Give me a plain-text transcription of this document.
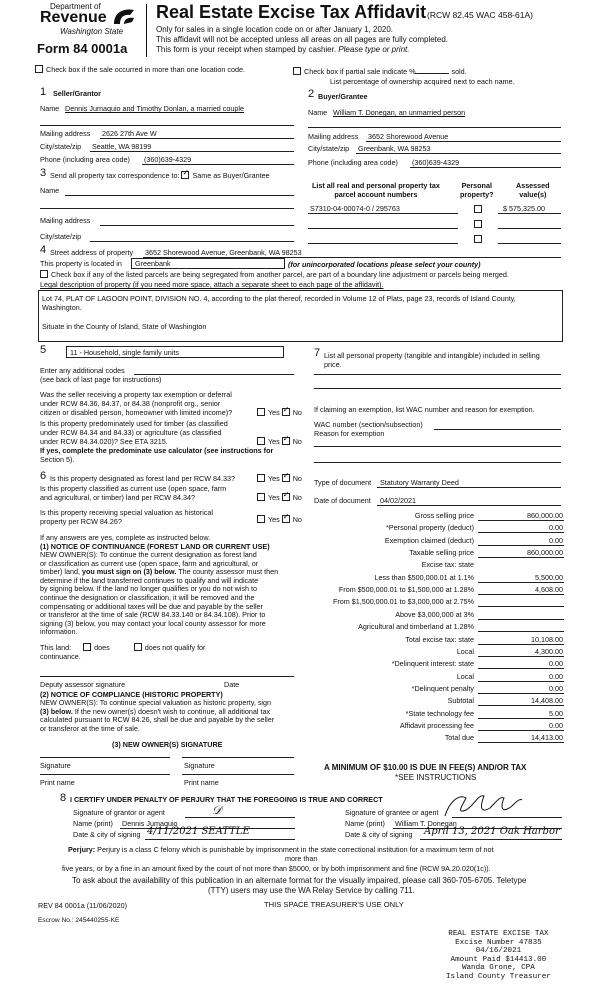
Department of
Revenue
Washington State
Form 84 0001a
Real Estate Excise Tax Affidavit (RCW 82.45 WAC 458-61A)
Only for sales in a single location code on or after January 1, 2020.
This affidavit will not be accepted unless all areas on all pages are fully completed.
This form is your receipt when stamped by cashier. Please type or print.
Check box if the sale occurred in more than one location code.	Check box if partial sale indicate %	sold.
List percentage of ownership acquired next to each name.
1 Seller/Grantor
Name Dennis Jumaquio and Timothy Donlan, a married couple
Mailing address 2626 27th Ave W
City/state/zip Seattle, WA 98199
Phone (including area code) (360)639-4329
2 Buyer/Grantee
Name William T. Donegan, an unmarried person
Mailing address 3652 Shorewood Avenue
City/state/zip Greenbank, WA 98253
Phone (including area code) (360)639-4329
3 Send all property tax correspondence to: ✓ Same as Buyer/Grantee
Name
Mailing address
City/state/zip
List all real and personal property tax
parcel account numbers
Personal
property?
Assessed
value(s)
S7310-04-00074-0 / 295763	$ 575,325.00
4 Street address of property 3652 Shorewood Avenue, Greenbank, WA 98253
This property is located in Greenbank	(for unincorporated locations please select your county)
Check box if any of the listed parcels are being segregated from another parcel, are part of a boundary line adjustment or parcels being merged.
Legal description of property (if you need more space, attach a separate sheet to each page of the affidavit).
Lot 74, PLAT OF LAGOON POINT, DIVISION NO. 4, according to the plat thereof, recorded in Volume 12 of Plats, page 23, records of Island County, Washington.
Situate in the County of Island, State of Washington
5	11 - Household, single family units
Enter any additional codes
(see back of last page for instructions)
Was the seller receiving a property tax exemption or deferral
under RCW 84.36, 84.37, or 84.38 (nonprofit org., senior
citizen or disabled person, homeowner with limited income)?	Yes ✓ No
Is this property predominately used for timber (as classified
under RCW 84.34 and 84.33) or agriculture (as classified
under RCW 84.34.020)? See ETA 3215.	Yes ✓ No
If yes, complete the predominate use calculator (see instructions for
Section 5).
6 Is this property designated as forest land per RCW 84.33?	Yes ✓ No
Is this property classified as current use (open space, farm
and agricultural, or timber) land per RCW 84.34?	Yes ✓ No
Is this property receiving special valuation as historical
property per RCW 84.26?	Yes ✓ No
If any answers are yes, complete as instructed below.
(1) NOTICE OF CONTINUANCE (FOREST LAND OR CURRENT USE)
NEW OWNER(S): To continue the current designation as forest land
or classification as current use (open space, farm and agricultural, or
timber) land, you must sign on (3) below. The county assessor must then
determine if the land transferred continues to qualify and will indicate
by signing below. If the land no longer qualifies or you do not wish to
continue the designation or classification, it will be removed and the
compensating or additional taxes will be due and payable by the seller
or transferor at the time of sale (RCW 84.33.140 or 84.34.108). Prior to
signing (3) below, you may contact your local county assessor for more
information.
This land:	does	does not qualify for
continuance.
Deputy assessor signature	Date
(2) NOTICE OF COMPLIANCE (HISTORIC PROPERTY)
NEW OWNER(S): To continue special valuation as historic property, sign
(3) below. If the new owner(s) doesn't wish to continue, all additional tax
calculated pursuant to RCW 84.26, shall be due and payable by the seller
or transferor at the time of sale.
(3) NEW OWNER(S) SIGNATURE
Signature	Signature
Print name	Print name
7 List all personal property (tangible and intangible) included in selling
price.
If claiming an exemption, list WAC number and reason for exemption.
WAC number (section/subsection)
Reason for exemption
Type of document Statutory Warranty Deed
Date of document 04/02/2021
Gross selling price	860,000.00
*Personal property (deduct)	0.00
Exemption claimed (deduct)	0.00
Taxable selling price	860,000.00
Excise tax: state
Less than $500,000.01 at 1.1%	5,500.00
From $500,000.01 to $1,500,000 at 1.28%	4,608.00
From $1,500,000.01 to $3,000,000 at 2.75%
Above $3,000,000 at 3%
Agricultural and timberland at 1.28%
Total excise tax: state	10,108.00
Local	4,300.00
*Delinquent interest: state	0.00
Local	0.00
*Delinquent penalty	0.00
Subtotal	14,408.00
*State technology fee	5.00
Affidavit processing fee	0.00
Total due	14,413.00
A MINIMUM OF $10.00 IS DUE IN FEE(S) AND/OR TAX
*SEE INSTRUCTIONS
8 I CERTIFY UNDER PENALTY OF PERJURY THAT THE FOREGOING IS TRUE AND CORRECT
Signature of grantor or agent	𝒟
Name (print) Dennis Jumaquio
Date & city of signing 4/11/2021 SEATTLE
Signature of grantee or agent
Name (print) William T. Donegan
Date & city of signing April 13, 2021 Oak Harbor
Perjury: Perjury is a class C felony which is punishable by imprisonment in the state correctional institution for a maximum term of not
more than
five years, or by a fine in an amount fixed by the court of not more than $5000, or by both imprisonment and fine (RCW 9A.20.020(1c)).
To ask about the availability of this publication in an alternate format for the visually impaired, please call 360-705-6705. Teletype
(TTY) users may use the WA Relay Service by calling 711.
REV 84 0001a (11/06/2020)	THIS SPACE TREASURER'S USE ONLY
Escrow No.: 245440255-KE
REAL ESTATE EXCISE TAX
Excise Number 47835
04/16/2021
Amount Paid $14413.00
Wanda Grone, CPA
Island County Treasurer
